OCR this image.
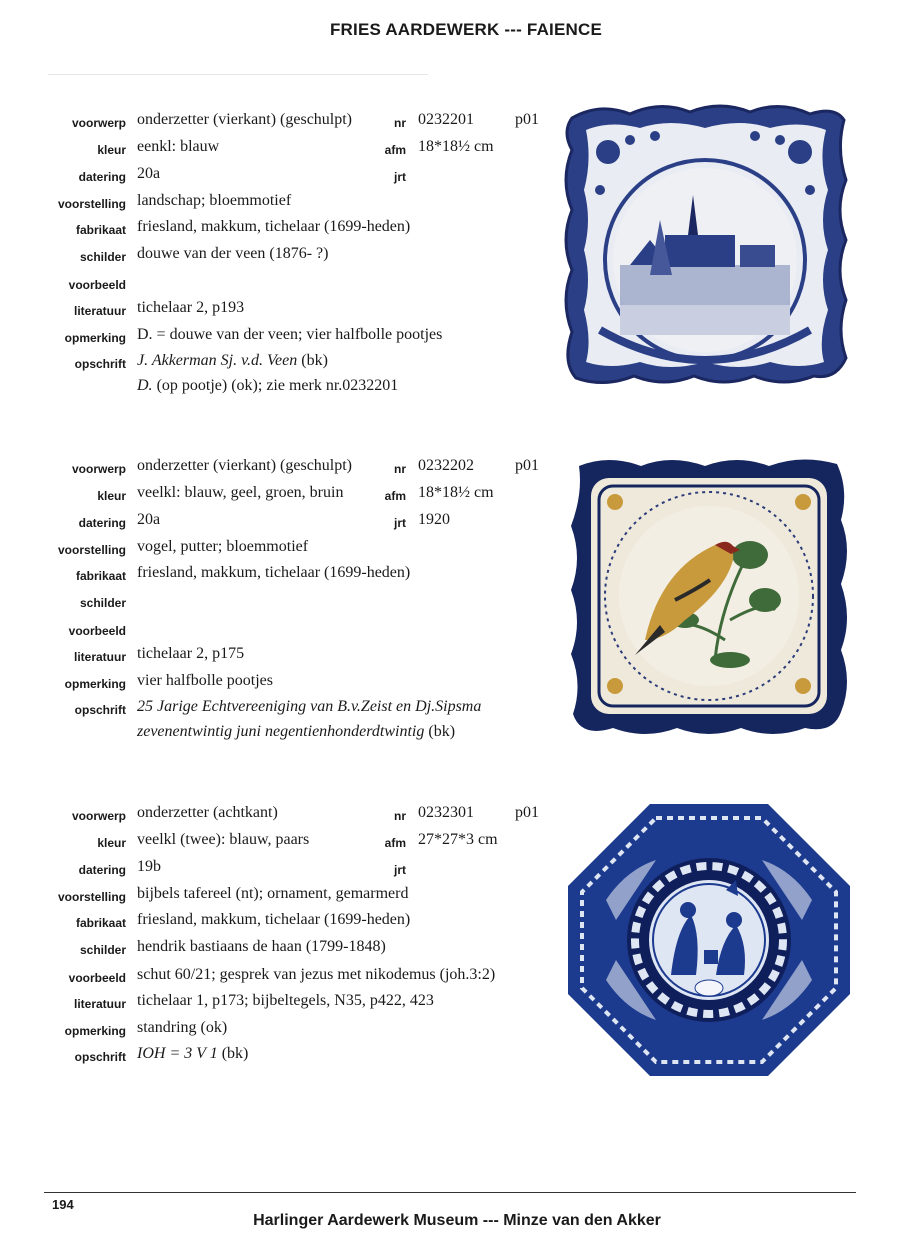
FRIES AARDEWERK --- FAIENCE
voorwerp onderzetter (vierkant) (geschulpt)	nr 0232201	p01
kleur eenkl: blauw	afm 18*18½ cm
datering 20a	jrt
voorstelling landschap; bloemmotief
fabrikaat friesland, makkum, tichelaar (1699-heden)
schilder douwe van der veen (1876- ?)
voorbeeld
literatuur tichelaar 2, p193
opmerking D. = douwe van der veen; vier halfbolle pootjes
opschrift J. Akkerman Sj. v.d. Veen (bk)
D. (op pootje) (ok); zie merk nr.0232201
voorwerp onderzetter (vierkant) (geschulpt)	nr 0232202	p01
kleur veelkl: blauw, geel, groen, bruin	afm 18*18½ cm
datering 20a	jrt 1920
voorstelling vogel, putter; bloemmotief
fabrikaat friesland, makkum, tichelaar (1699-heden)
schilder
voorbeeld
literatuur tichelaar 2, p175
opmerking vier halfbolle pootjes
opschrift 25 Jarige Echtvereeniging van B.v.Zeist en Dj.Sipsma
zevenentwintig juni negentienhonderdtwintig (bk)
voorwerp onderzetter (achtkant)	nr 0232301	p01
kleur veelkl (twee): blauw, paars	afm 27*27*3 cm
datering 19b	jrt
voorstelling bijbels tafereel (nt); ornament, gemarmerd
fabrikaat friesland, makkum, tichelaar (1699-heden)
schilder hendrik bastiaans de haan (1799-1848)
voorbeeld schut 60/21; gesprek van jezus met nikodemus (joh.3:2)
literatuur tichelaar 1, p173; bijbeltegels, N35, p422, 423
opmerking standring (ok)
opschrift IOH = 3 V 1 (bk)
194
Harlinger Aardewerk Museum --- Minze van den Akker
